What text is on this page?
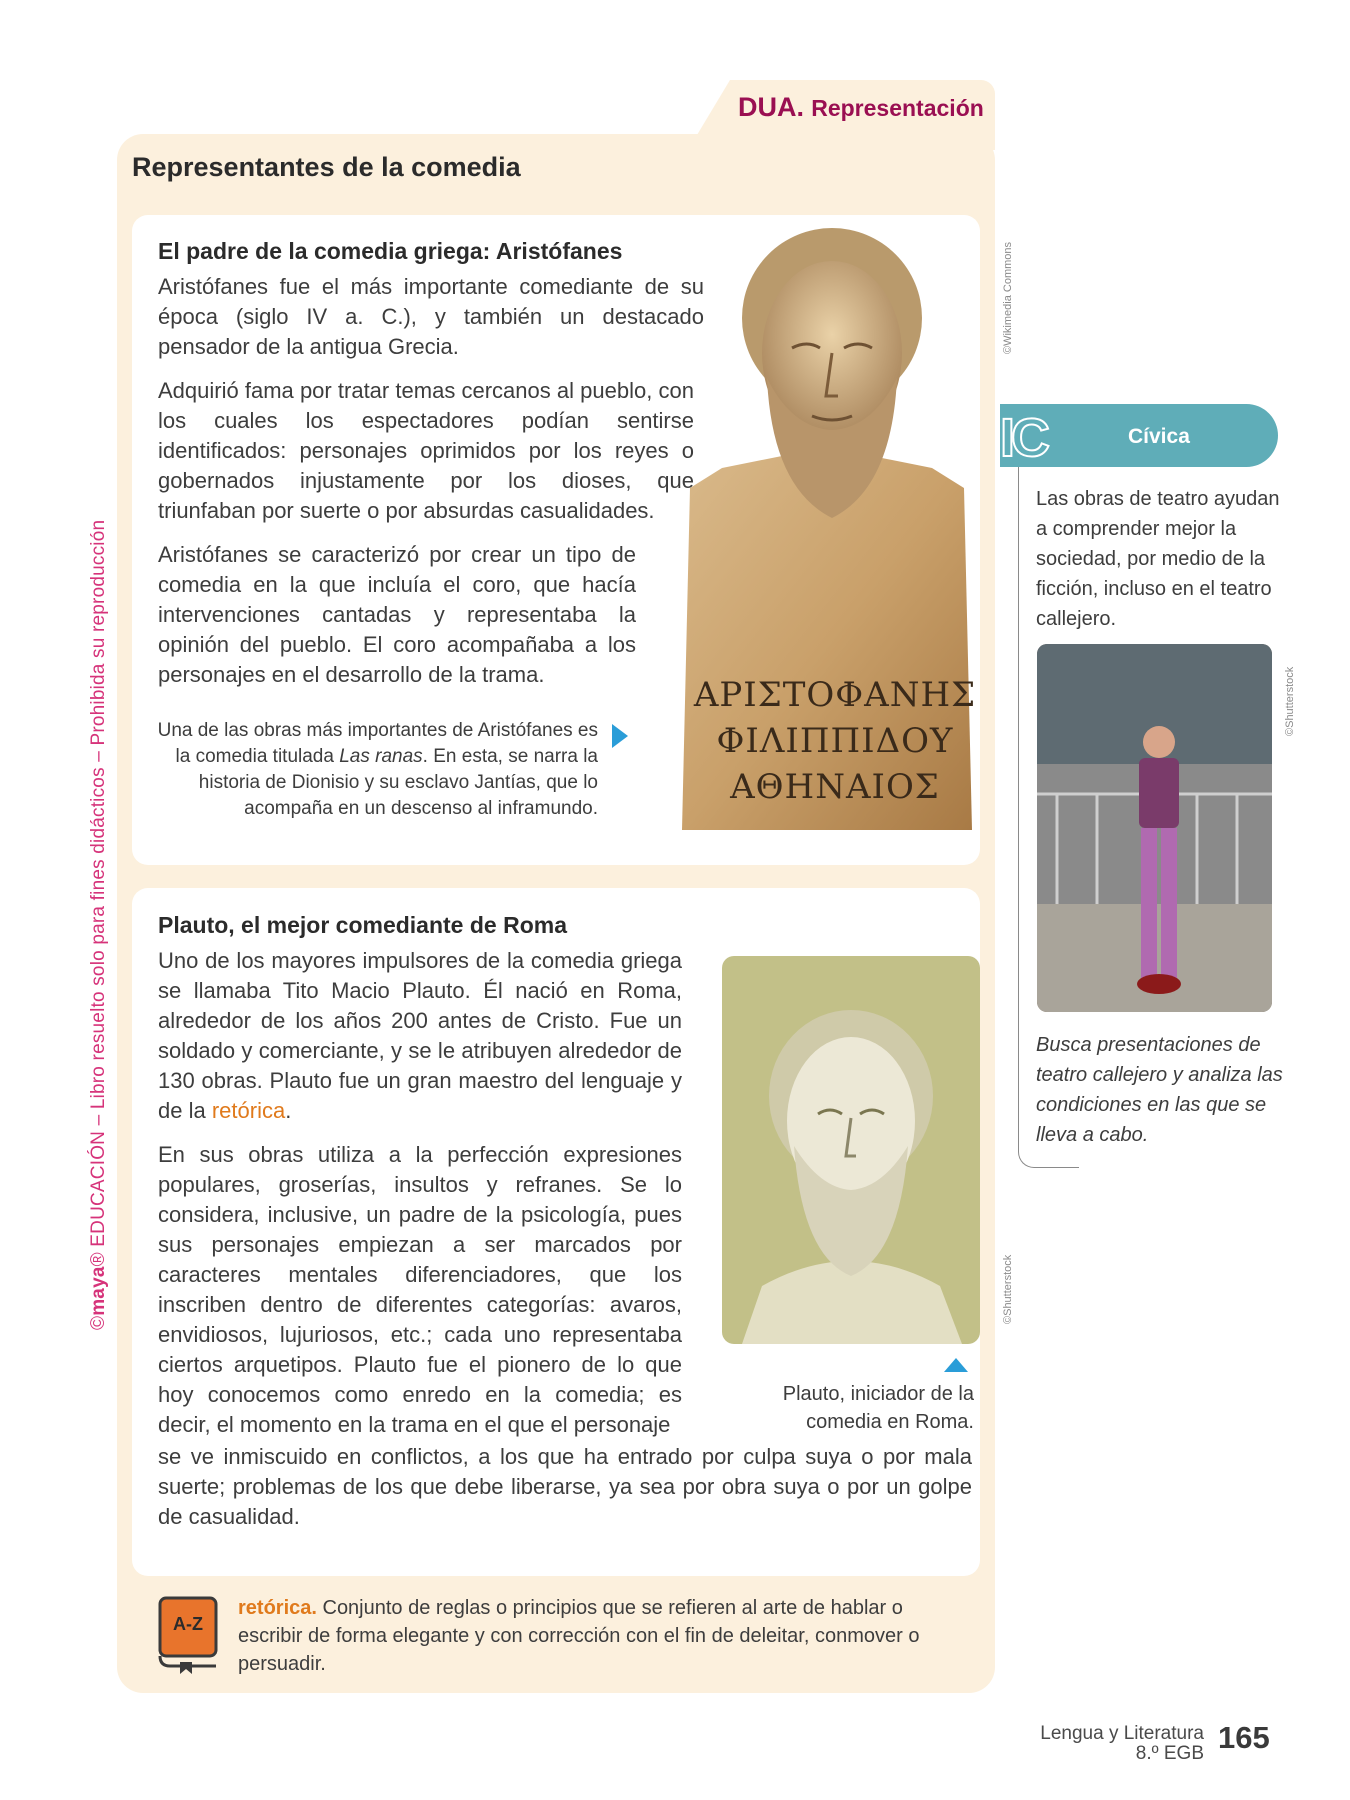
©maya® EDUCACIÓN – Libro resuelto solo para fines didácticos – Prohibida su reproducción
DUA. Representación
Representantes de la comedia
El padre de la comedia griega: Aristófanes

Aristófanes fue el más importante comediante de su época (siglo IV a. C.), y también un destacado pensador de la antigua Grecia.

Adquirió fama por tratar temas cercanos al pueblo, con los cuales los espectadores podían sentirse identificados: personajes oprimidos por los reyes o gobernados injustamente por los dioses, que triunfaban por suerte o por absurdas casualidades.

Aristófanes se caracterizó por crear un tipo de comedia en la que incluía el coro, que hacía intervenciones cantadas y representaba la opinión del pueblo. El coro acompañaba a los personajes en el desarrollo de la trama.

Una de las obras más importantes de Aristófanes es la comedia titulada Las ranas. En esta, se narra la historia de Dionisio y su esclavo Jantías, que lo acompaña en un descenso al inframundo.
ΑΡΙΣΤΟΦΑΝΗΣ
ΦΙΛΙΠΠΙΔΟΥ
ΑΘΗΝΑΙΟΣ
©Wikimedia Commons
Plauto, el mejor comediante de Roma

Uno de los mayores impulsores de la comedia griega se llamaba Tito Macio Plauto. Él nació en Roma, alrededor de los años 200 antes de Cristo. Fue un soldado y comerciante, y se le atribuyen alrededor de 130 obras. Plauto fue un gran maestro del lenguaje y de la retórica.

En sus obras utiliza a la perfección expresiones populares, groserías, insultos y refranes. Se lo considera, inclusive, un padre de la psicología, pues sus personajes empiezan a ser marcados por caracteres mentales diferenciadores, que los inscriben dentro de diferentes categorías: avaros, envidiosos, lujuriosos, etc.; cada uno representaba ciertos arquetipos. Plauto fue el pionero de lo que hoy conocemos como enredo en la comedia; es decir, el momento en la trama en el que el personaje

se ve inmiscuido en conflictos, a los que ha entrado por culpa suya o por mala suerte; problemas de los que debe liberarse, ya sea por obra suya o por un golpe de casualidad.

©Shutterstock
Plauto, iniciador de la comedia en Roma.
IC	Cívica
Las obras de teatro ayudan a comprender mejor la sociedad, por medio de la ficción, incluso en el teatro callejero.
©Shutterstock
Busca presentaciones de teatro callejero y analiza las condiciones en las que se lleva a cabo.
A-Z
retórica. Conjunto de reglas o principios que se refieren al arte de hablar o escribir de forma elegante y con corrección con el fin de deleitar, conmover o persuadir.
Lengua y Literatura
8.º EGB 165
